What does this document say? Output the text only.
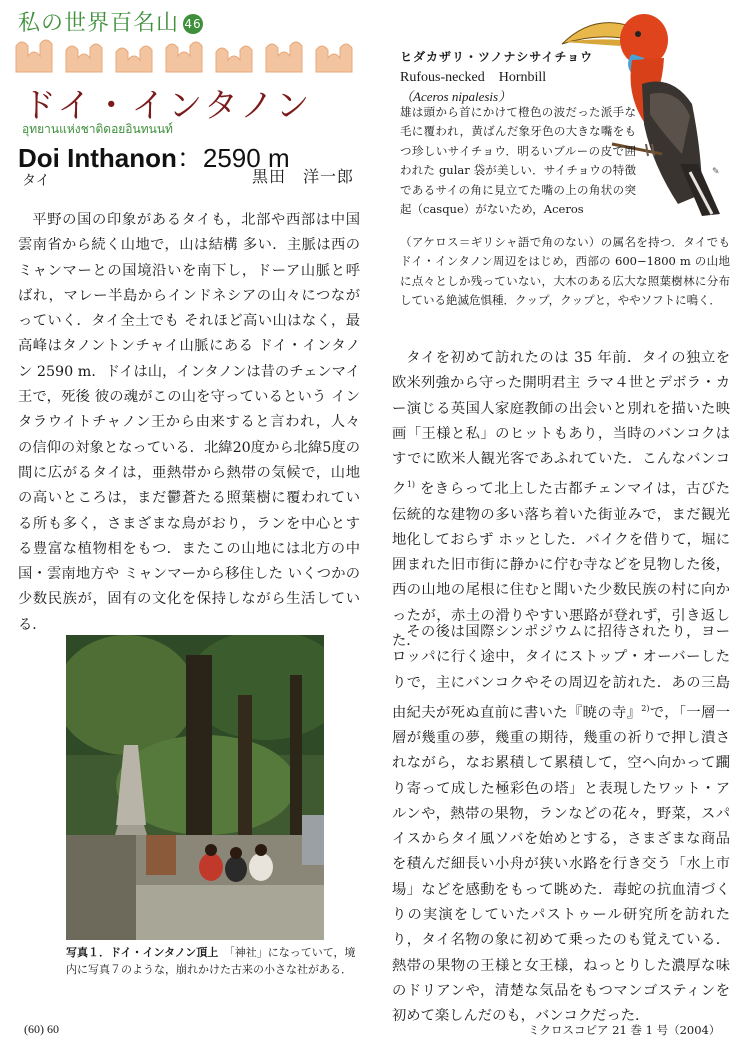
私の世界百名山 46
ドイ・インタノン
อุทยานแห่งชาติดอยอินทนนท์
Doi Inthanon：2590 m
タイ	黒田　洋一郎
平野の国の印象があるタイも，北部や西部は中国雲南省から続く山地で，山は結構 多い．主脈は西のミャンマーとの国境沿いを南下し，ドーア山脈と呼ばれ，マレー半島からインドネシアの山々につながっていく．タイ全土でも それほど高い山はなく，最高峰はタノントンチャイ山脈にある ドイ・インタノン 2590 m．ドイは山，インタノンは昔のチェンマイ王で，死後 彼の魂がこの山を守っているという インタラウイトチャノン王から由来すると言われ，人々の信仰の対象となっている．北緯20度から北緯5度の間に広がるタイは，亜熱帯から熱帯の気候で，山地の高いところは，まだ鬱蒼たる照葉樹に覆われている所も多く，さまざまな鳥がおり，ランを中心とする豊富な植物相をもつ．またこの山地には北方の中国・雲南地方や ミャンマーから移住した いくつかの少数民族が，固有の文化を保持しながら生活している．
写真１．ドイ・インタノン頂上　 「神社」になっていて，境内に写真７のような，崩れかけた古来の小さな社がある．
✎
ヒダカザリ・ツノナシサイチョウ
Rufous-necked　Hornbill
（Aceros nipalesis）
雄は頭から首にかけて橙色の波だった派手な毛に覆われ，黄ばんだ象牙色の大きな嘴をもつ珍しいサイチョウ．明るいブルーの皮で囲われた gular 袋が美しい．サイチョウの特徴であるサイの角に見立てた嘴の上の角状の突起（casque）がないため，Aceros
（アケロス＝ギリシャ語で角のない）の属名を持つ．タイでもドイ・インタノン周辺をはじめ，西部の 600−1800 m の山地に点々としか残っていない，大木のある広大な照葉樹林に分布している絶滅危惧種．クップ，クップと，ややソフトに鳴く．
タイを初めて訪れたのは 35 年前．タイの独立を欧米列強から守った開明君主 ラマ４世とデボラ・カー演じる英国人家庭教師の出会いと別れを描いた映画「王様と私」のヒットもあり，当時のバンコクは すでに欧米人観光客であふれていた．こんなバンコク$^{1)}$ をきらって北上した古都チェンマイは，古びた伝統的な建物の多い落ち着いた街並みで，まだ観光地化しておらず ホッとした．バイクを借りて，堀に囲まれた旧市街に静かに佇む寺などを見物した後，西の山地の尾根に住むと聞いた少数民族の村に向かったが，赤土の滑りやすい悪路が登れず，引き返した．
その後は国際シンポジウムに招待されたり，ヨーロッパに行く途中，タイにストップ・オーバーしたりで，主にバンコクやその周辺を訪れた．あの三島由紀夫が死ぬ直前に書いた『暁の寺』$^{2)}$で，「一層一層が幾重の夢，幾重の期待，幾重の祈りで押し潰されながら，なお累積して累積して，空へ向かって躙り寄って成した極彩色の塔」と表現したワット・アルンや，熱帯の果物，ランなどの花々，野菜，スパイスからタイ風ソバを始めとする，さまざまな商品を積んだ細長い小舟が狭い水路を行き交う「水上市場」などを感動をもって眺めた．毒蛇の抗血清づくりの実演をしていたパストゥール研究所を訪れたり，タイ名物の象に初めて乗ったのも覚えている．熱帯の果物の王様と女王様，ねっとりした濃厚な味のドリアンや，清楚な気品をもつマンゴスティンを初めて楽しんだのも，バンコクだった．
(60) 60	ミクロスコピア 21 巻 1 号（2004）
